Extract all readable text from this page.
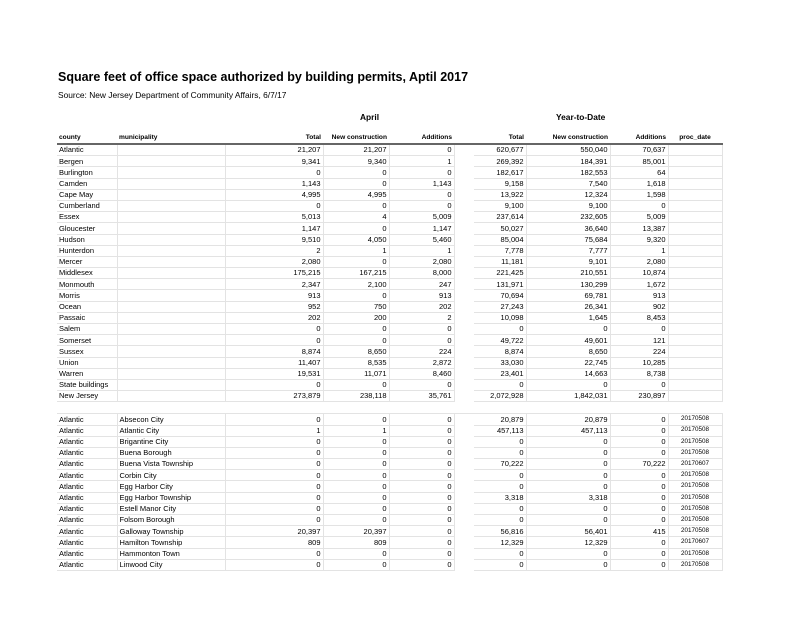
Square feet of office space authorized by building permits, Aptil 2017
Source: New Jersey Department of Community Affairs, 6/7/17
April	Year-to-Date
county	municipality	Total	New construction	Additions		Total	New construction	Additions	proc_date
Atlantic		21,207	21,207	0		620,677	550,040	70,637	
Bergen		9,341	9,340	1		269,392	184,391	85,001	
Burlington		0	0	0		182,617	182,553	64	
Camden		1,143	0	1,143		9,158	7,540	1,618	
Cape May		4,995	4,995	0		13,922	12,324	1,598	
Cumberland		0	0	0		9,100	9,100	0	
Essex		5,013	4	5,009		237,614	232,605	5,009	
Gloucester		1,147	0	1,147		50,027	36,640	13,387	
Hudson		9,510	4,050	5,460		85,004	75,684	9,320	
Hunterdon		2	1	1		7,778	7,777	1	
Mercer		2,080	0	2,080		11,181	9,101	2,080	
Middlesex		175,215	167,215	8,000		221,425	210,551	10,874	
Monmouth		2,347	2,100	247		131,971	130,299	1,672	
Morris		913	0	913		70,694	69,781	913	
Ocean		952	750	202		27,243	26,341	902	
Passaic		202	200	2		10,098	1,645	8,453	
Salem		0	0	0		0	0	0	
Somerset		0	0	0		49,722	49,601	121	
Sussex		8,874	8,650	224		8,874	8,650	224	
Union		11,407	8,535	2,872		33,030	22,745	10,285	
Warren		19,531	11,071	8,460		23,401	14,663	8,738	
State buildings		0	0	0		0	0	0	
New Jersey		273,879	238,118	35,761		2,072,928	1,842,031	230,897	

Atlantic	Absecon City	0	0	0		20,879	20,879	0	20170508
Atlantic	Atlantic City	1	1	0		457,113	457,113	0	20170508
Atlantic	Brigantine City	0	0	0		0	0	0	20170508
Atlantic	Buena Borough	0	0	0		0	0	0	20170508
Atlantic	Buena Vista Township	0	0	0		70,222	0	70,222	20170607
Atlantic	Corbin City	0	0	0		0	0	0	20170508
Atlantic	Egg Harbor City	0	0	0		0	0	0	20170508
Atlantic	Egg Harbor Township	0	0	0		3,318	3,318	0	20170508
Atlantic	Estell Manor City	0	0	0		0	0	0	20170508
Atlantic	Folsom Borough	0	0	0		0	0	0	20170508
Atlantic	Galloway Township	20,397	20,397	0		56,816	56,401	415	20170508
Atlantic	Hamilton Township	809	809	0		12,329	12,329	0	20170607
Atlantic	Hammonton Town	0	0	0		0	0	0	20170508
Atlantic	Linwood City	0	0	0		0	0	0	20170508
